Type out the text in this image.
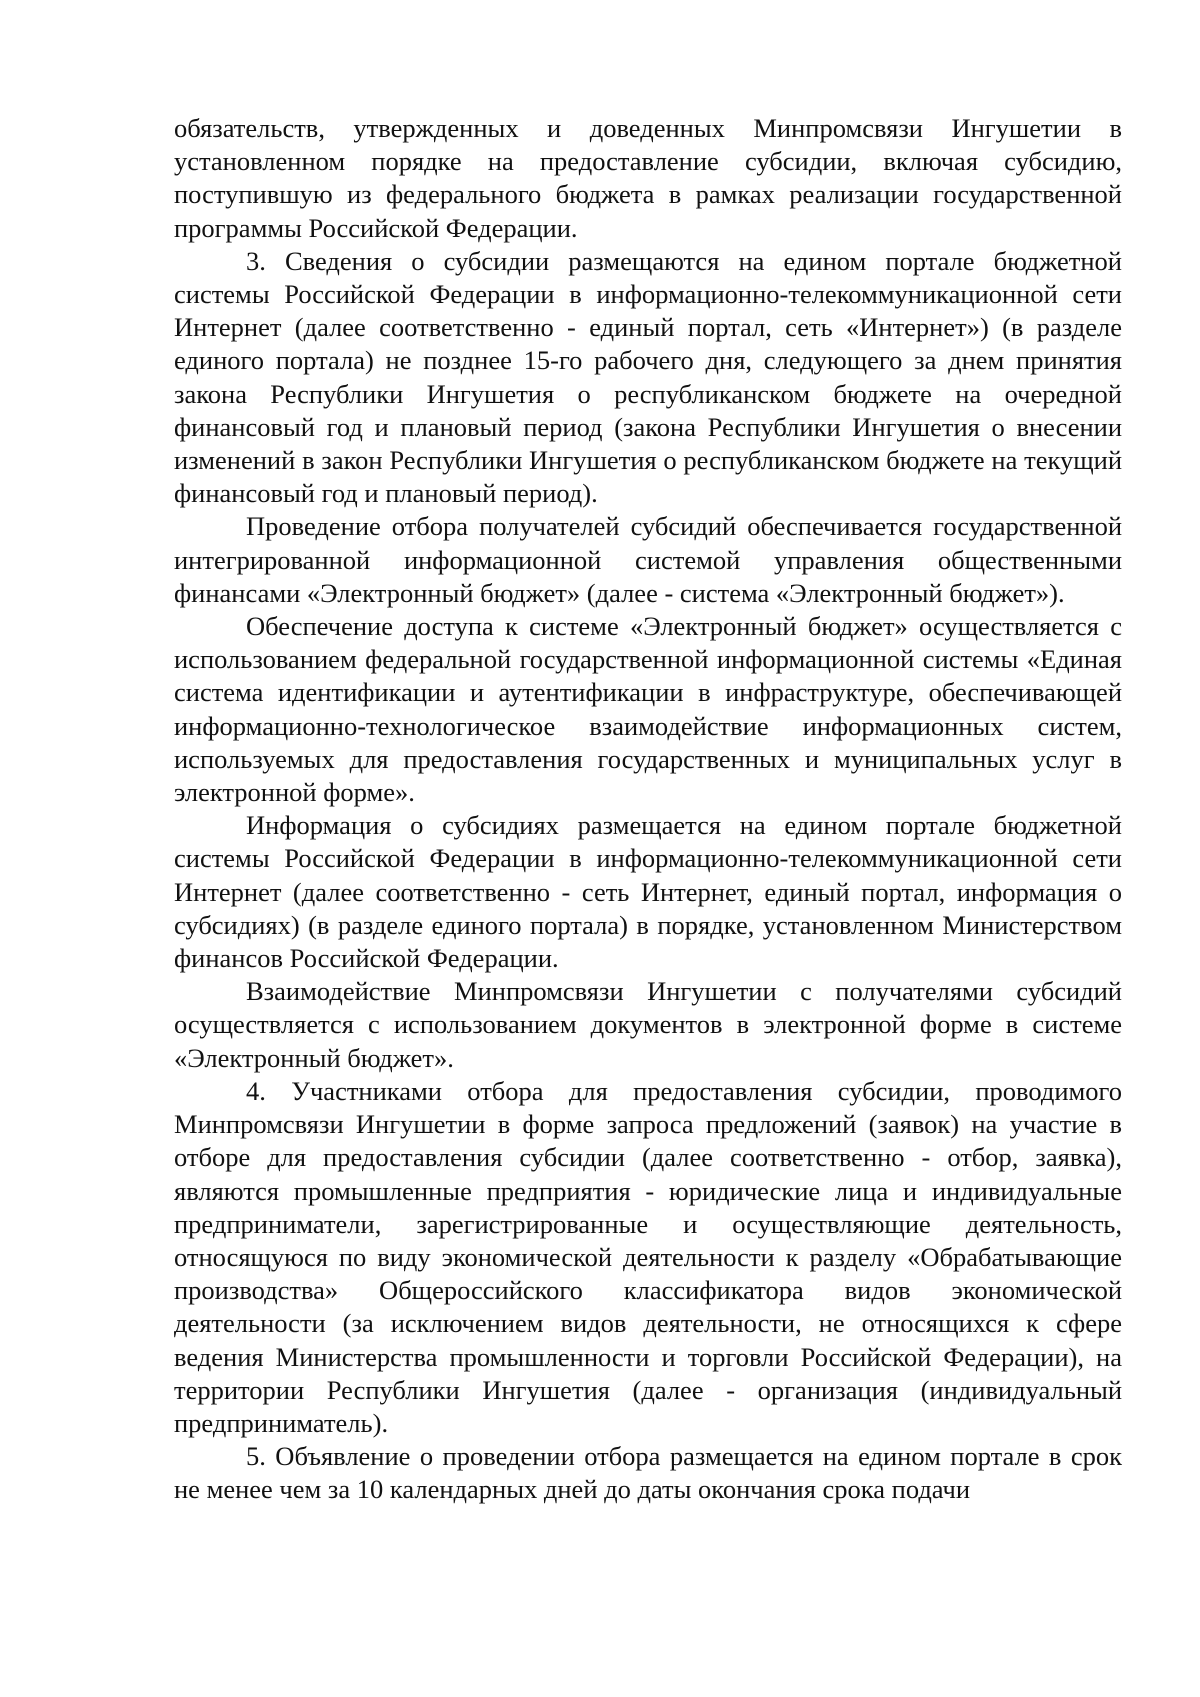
обязательств, утвержденных и доведенных Минпромсвязи Ингушетии в установленном порядке на предоставление субсидии, включая субсидию, поступившую из федерального бюджета в рамках реализации государственной программы Российской Федерации.

3. Сведения о субсидии размещаются на едином портале бюджетной системы Российской Федерации в информационно-телекоммуникационной сети Интернет (далее соответственно - единый портал, сеть «Интернет») (в разделе единого портала) не позднее 15-го рабочего дня, следующего за днем принятия закона Республики Ингушетия о республиканском бюджете на очередной финансовый год и плановый период (закона Республики Ингушетия о внесении изменений в закон Республики Ингушетия о республиканском бюджете на текущий финансовый год и плановый период).

Проведение отбора получателей субсидий обеспечивается государственной интегрированной информационной системой управления общественными финансами «Электронный бюджет» (далее - система «Электронный бюджет»).

Обеспечение доступа к системе «Электронный бюджет» осуществляется с использованием федеральной государственной информационной системы «Единая система идентификации и аутентификации в инфраструктуре, обеспечивающей информационно-технологическое взаимодействие информационных систем, используемых для предоставления государственных и муниципальных услуг в электронной форме».

Информация о субсидиях размещается на едином портале бюджетной системы Российской Федерации в информационно-телекоммуникационной сети Интернет (далее соответственно - сеть Интернет, единый портал, информация о субсидиях) (в разделе единого портала) в порядке, установленном Министерством финансов Российской Федерации.

Взаимодействие Минпромсвязи Ингушетии с получателями субсидий осуществляется с использованием документов в электронной форме в системе «Электронный бюджет».

4. Участниками отбора для предоставления субсидии, проводимого Минпромсвязи Ингушетии в форме запроса предложений (заявок) на участие в отборе для предоставления субсидии (далее соответственно - отбор, заявка), являются промышленные предприятия - юридические лица и индивидуальные предприниматели, зарегистрированные и осуществляющие деятельность, относящуюся по виду экономической деятельности к разделу «Обрабатывающие производства» Общероссийского классификатора видов экономической деятельности (за исключением видов деятельности, не относящихся к сфере ведения Министерства промышленности и торговли Российской Федерации), на территории Республики Ингушетия (далее - организация (индивидуальный предприниматель).

5. Объявление о проведении отбора размещается на едином портале в срок не менее чем за 10 календарных дней до даты окончания срока подачи
